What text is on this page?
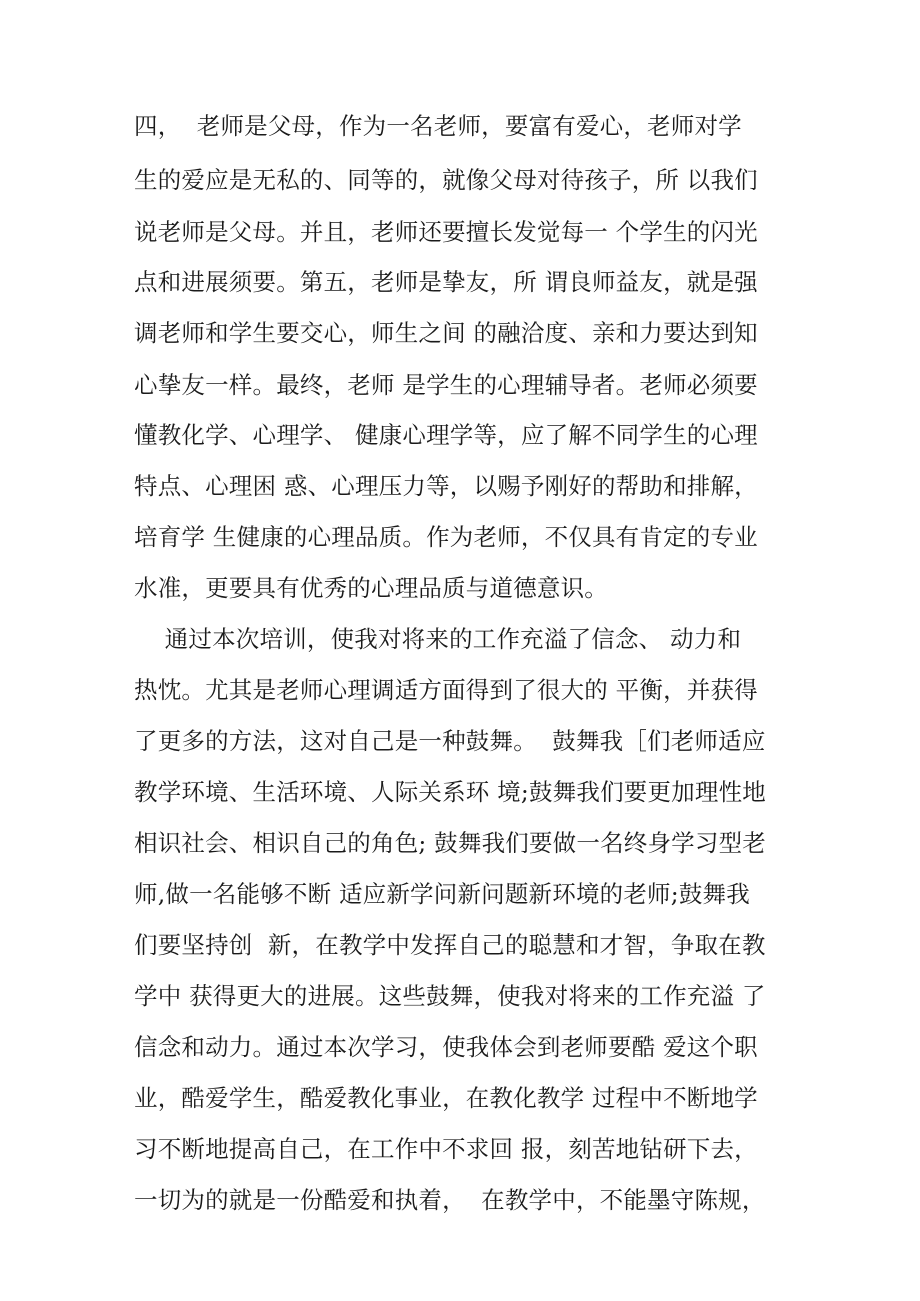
四，  老师是父母，作为一名老师，要富有爱心，老师对学
生的爱应是无私的、同等的，就像父母对待孩子，所 以我们
说老师是父母。并且，老师还要擅长发觉每一 个学生的闪光
点和进展须要。第五，老师是挚友，所 谓良师益友，就是强
调老师和学生要交心，师生之间 的融洽度、亲和力要达到知
心挚友一样。最终，老师 是学生的心理辅导者。老师必须要
懂教化学、心理学、 健康心理学等，应了解不同学生的心理
特点、心理困 惑、心理压力等，以赐予刚好的帮助和排解，
培育学 生健康的心理品质。作为老师，不仅具有肯定的专业
水准，更要具有优秀的心理品质与道德意识。
通过本次培训，使我对将来的工作充溢了信念、 动力和
热忱。尤其是老师心理调适方面得到了很大的 平衡，并获得
了更多的方法，这对自己是一种鼓舞。  鼓舞我［们老师适应
教学环境、生活环境、人际关系环 境;鼓舞我们要更加理性地
相识社会、相识自己的角色; 鼓舞我们要做一名终身学习型老
师,做一名能够不断 适应新学问新问题新环境的老师;鼓舞我
们要坚持创  新，在教学中发挥自己的聪慧和才智，争取在教
学中 获得更大的进展。这些鼓舞，使我对将来的工作充溢 了
信念和动力。通过本次学习，使我体会到老师要酷 爱这个职
业，酷爱学生，酷爱教化事业，在教化教学 过程中不断地学
习不断地提高自己，在工作中不求回 报，刻苦地钻研下去，
一切为的就是一份酷爱和执着，  在教学中，不能墨守陈规，
